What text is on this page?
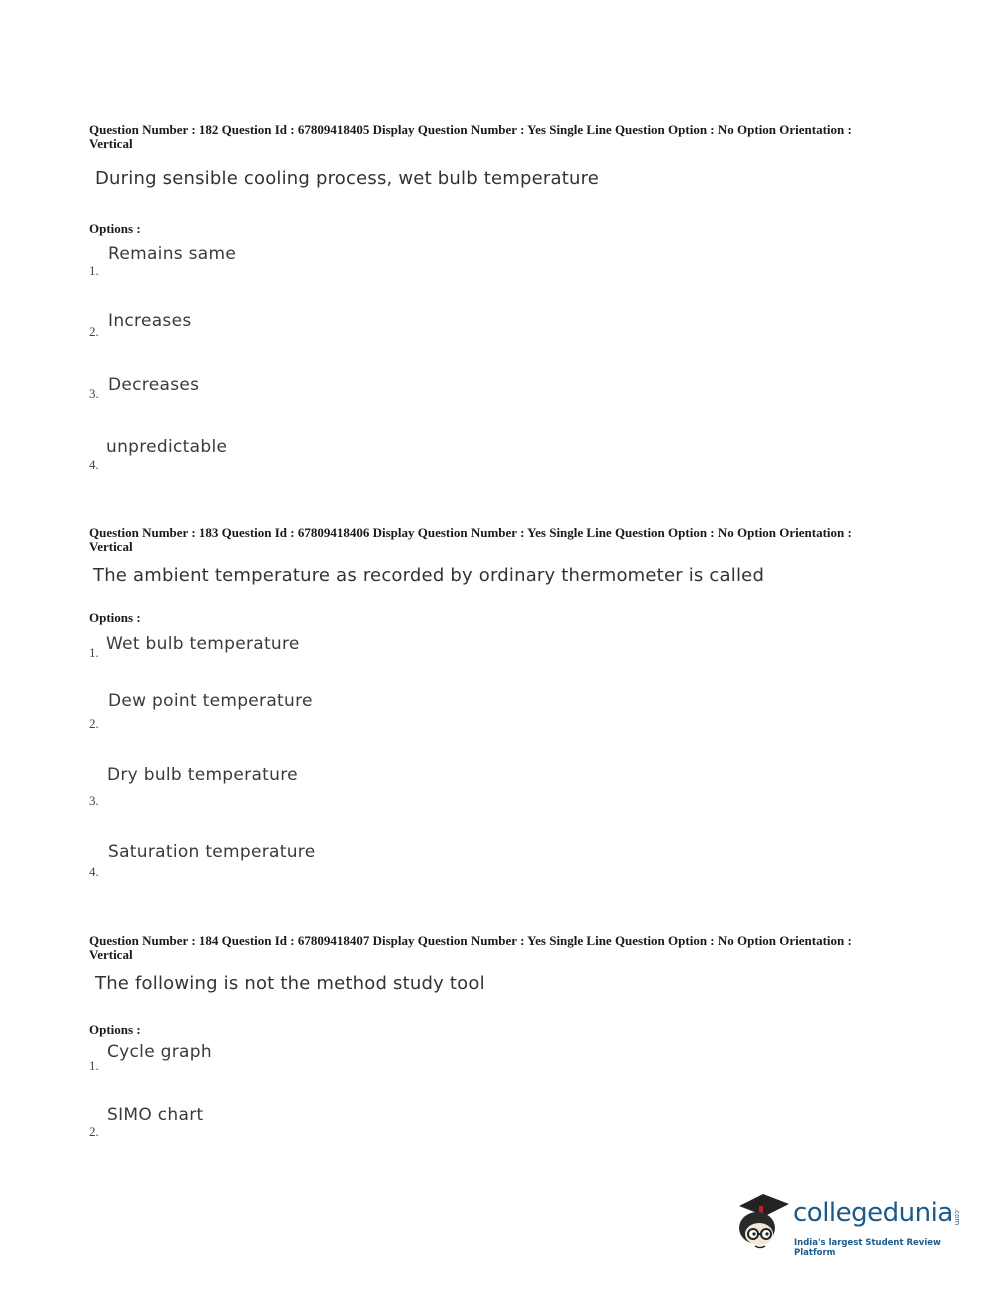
Question Number : 182 Question Id : 67809418405 Display Question Number : Yes Single Line Question Option : No Option Orientation : Vertical
During sensible cooling process, wet bulb temperature
Options :
Remains same
1.
Increases
2.
Decreases
3.
unpredictable
4.
Question Number : 183 Question Id : 67809418406 Display Question Number : Yes Single Line Question Option : No Option Orientation : Vertical
The ambient temperature as recorded by ordinary thermometer is called
Options :
Wet bulb temperature
1.
Dew point temperature
2.
Dry bulb temperature
3.
Saturation temperature
4.
Question Number : 184 Question Id : 67809418407 Display Question Number : Yes Single Line Question Option : No Option Orientation : Vertical
The following is not the method study tool
Options :
Cycle graph
1.
SIMO chart
2.
collegedunia .com
India's largest Student Review Platform
